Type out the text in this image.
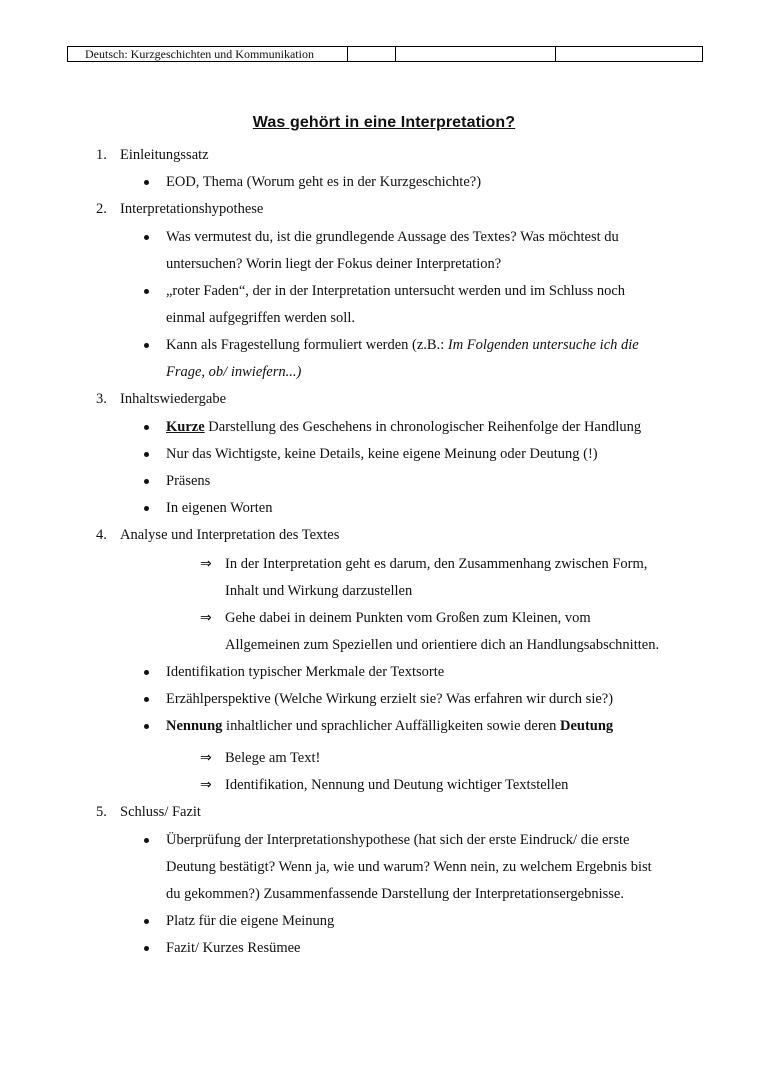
Deutsch: Kurzgeschichten und Kommunikation			
Was gehört in eine Interpretation?
1. Einleitungssatz
EOD, Thema (Worum geht es in der Kurzgeschichte?)
2. Interpretationshypothese
Was vermutest du, ist die grundlegende Aussage des Textes? Was möchtest du
untersuchen? Worin liegt der Fokus deiner Interpretation?
„roter Faden“, der in der Interpretation untersucht werden und im Schluss noch
einmal aufgegriffen werden soll.
Kann als Fragestellung formuliert werden (z.B.: Im Folgenden untersuche ich die
Frage, ob/ inwiefern...)
3. Inhaltswiedergabe
Kurze Darstellung des Geschehens in chronologischer Reihenfolge der Handlung
Nur das Wichtigste, keine Details, keine eigene Meinung oder Deutung (!)
Präsens
In eigenen Worten
4. Analyse und Interpretation des Textes
⇒ In der Interpretation geht es darum, den Zusammenhang zwischen Form,
Inhalt und Wirkung darzustellen
⇒ Gehe dabei in deinem Punkten vom Großen zum Kleinen, vom
Allgemeinen zum Speziellen und orientiere dich an Handlungsabschnitten.
Identifikation typischer Merkmale der Textsorte
Erzählperspektive (Welche Wirkung erzielt sie? Was erfahren wir durch sie?)
Nennung inhaltlicher und sprachlicher Auffälligkeiten sowie deren Deutung
⇒ Belege am Text!
⇒ Identifikation, Nennung und Deutung wichtiger Textstellen
5. Schluss/ Fazit
Überprüfung der Interpretationshypothese (hat sich der erste Eindruck/ die erste
Deutung bestätigt? Wenn ja, wie und warum? Wenn nein, zu welchem Ergebnis bist
du gekommen?) Zusammenfassende Darstellung der Interpretationsergebnisse.
Platz für die eigene Meinung
Fazit/ Kurzes Resümee
